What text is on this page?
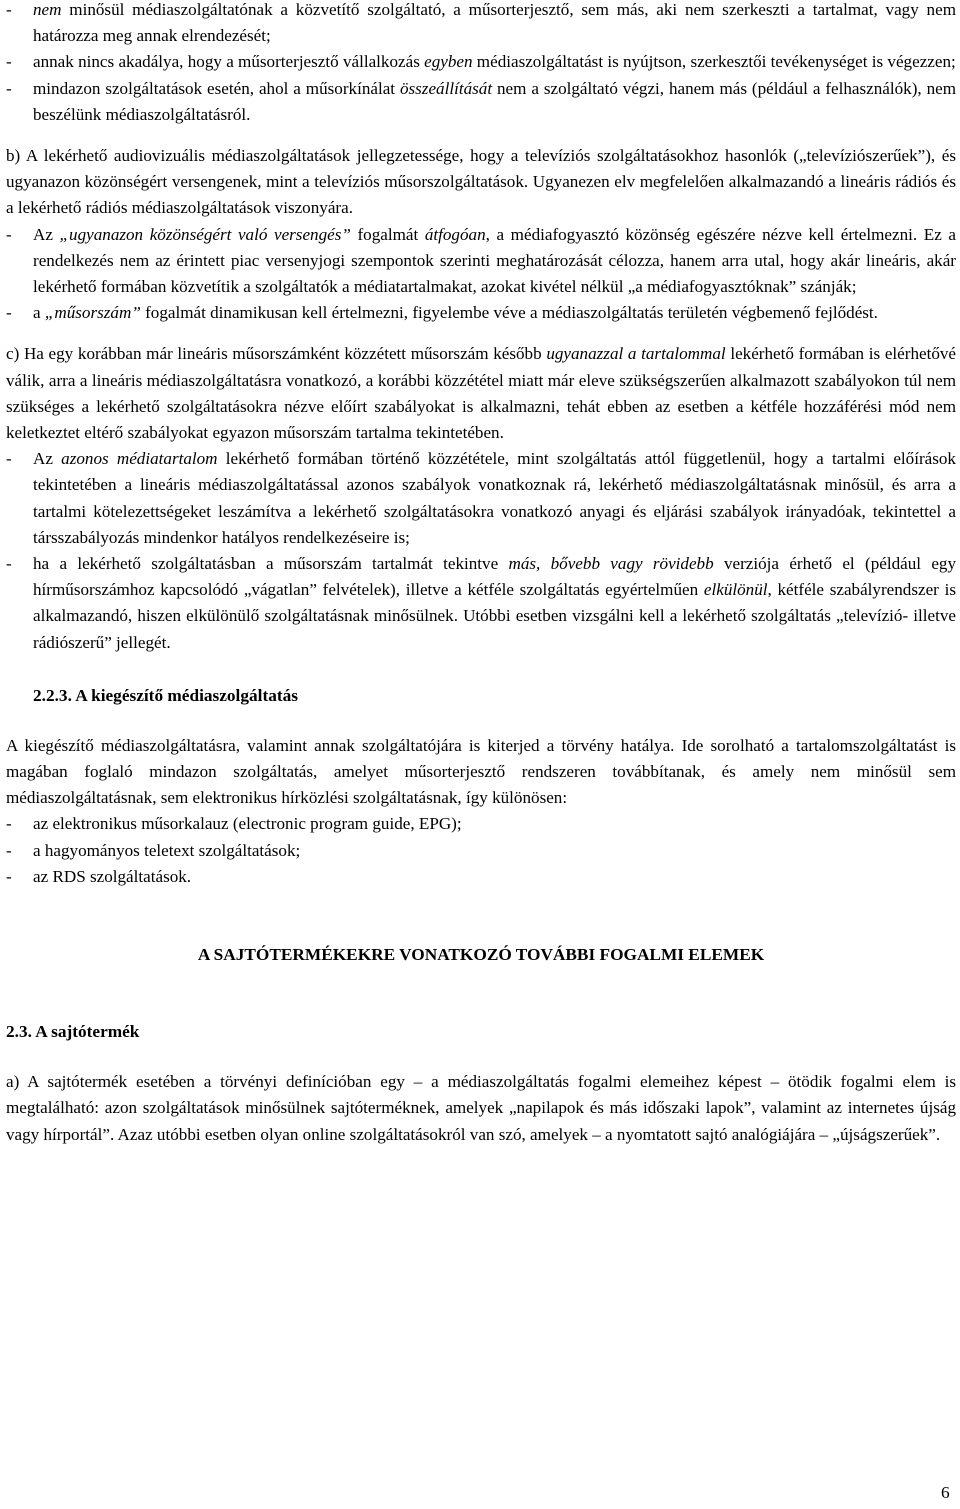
- nem minősül médiaszolgáltatónak a közvetítő szolgáltató, a műsorterjesztő, sem más, aki nem szerkeszti a tartalmat, vagy nem határozza meg annak elrendezését;
- annak nincs akadálya, hogy a műsorterjesztő vállalkozás egyben médiaszolgáltatást is nyújtson, szerkesztői tevékenységet is végezzen;
- mindazon szolgáltatások esetén, ahol a műsorkínálat összeállítását nem a szolgáltató végzi, hanem más (például a felhasználók), nem beszélünk médiaszolgáltatásról.

b) A lekérhető audiovizuális médiaszolgáltatások jellegzetessége, hogy a televíziós szolgáltatásokhoz hasonlók („televíziószerűek”), és ugyanazon közönségért versengenek, mint a televíziós műsorszolgáltatások. Ugyanezen elv megfelelően alkalmazandó a lineáris rádiós és a lekérhető rádiós médiaszolgáltatások viszonyára.

- Az „ugyanazon közönségért való versengés” fogalmát átfogóan, a médiafogyasztó közönség egészére nézve kell értelmezni. Ez a rendelkezés nem az érintett piac versenyjogi szempontok szerinti meghatározását célozza, hanem arra utal, hogy akár lineáris, akár lekérhető formában közvetítik a szolgáltatók a médiatartalmakat, azokat kivétel nélkül „a médiafogyasztóknak” szánják;
- a „műsorszám” fogalmát dinamikusan kell értelmezni, figyelembe véve a médiaszolgáltatás területén végbemenő fejlődést.

c) Ha egy korábban már lineáris műsorszámként közzétett műsorszám később ugyanazzal a tartalommal lekérhető formában is elérhetővé válik, arra a lineáris médiaszolgáltatásra vonatkozó, a korábbi közzététel miatt már eleve szükségszerűen alkalmazott szabályokon túl nem szükséges a lekérhető szolgáltatásokra nézve előírt szabályokat is alkalmazni, tehát ebben az esetben a kétféle hozzáférési mód nem keletkeztet eltérő szabályokat egyazon műsorszám tartalma tekintetében.

- Az azonos médiatartalom lekérhető formában történő közzététele, mint szolgáltatás attól függetlenül, hogy a tartalmi előírások tekintetében a lineáris médiaszolgáltatással azonos szabályok vonatkoznak rá, lekérhető médiaszolgáltatásnak minősül, és arra a tartalmi kötelezettségeket leszámítva a lekérhető szolgáltatásokra vonatkozó anyagi és eljárási szabályok irányadóak, tekintettel a társszabályozás mindenkor hatályos rendelkezéseire is;
- ha a lekérhető szolgáltatásban a műsorszám tartalmát tekintve más, bővebb vagy rövidebb verziója érhető el (például egy hírműsorszámhoz kapcsolódó „vágatlan” felvételek), illetve a kétféle szolgáltatás egyértelműen elkülönül, kétféle szabályrendszer is alkalmazandó, hiszen elkülönülő szolgáltatásnak minősülnek. Utóbbi esetben vizsgálni kell a lekérhető szolgáltatás „televízió- illetve rádiószerű” jellegét.
2.2.3. A kiegészítő médiaszolgáltatás

A kiegészítő médiaszolgáltatásra, valamint annak szolgáltatójára is kiterjed a törvény hatálya. Ide sorolható a tartalomszolgáltatást is magában foglaló mindazon szolgáltatás, amelyet műsorterjesztő rendszeren továbbítanak, és amely nem minősül sem médiaszolgáltatásnak, sem elektronikus hírközlési szolgáltatásnak, így különösen:

- az elektronikus műsorkalauz (electronic program guide, EPG);
- a hagyományos teletext szolgáltatások;
- az RDS szolgáltatások.
A SAJTÓTERMÉKEKRE VONATKOZÓ TOVÁBBI FOGALMI ELEMEK
2.3. A sajtótermék

a) A sajtótermék esetében a törvényi definícióban egy – a médiaszolgáltatás fogalmi elemeihez képest – ötödik fogalmi elem is megtalálható: azon szolgáltatások minősülnek sajtóterméknek, amelyek „napilapok és más időszaki lapok”, valamint az internetes újság vagy hírportál”. Azaz utóbbi esetben olyan online szolgáltatásokról van szó, amelyek – a nyomtatott sajtó analógiájára – „újságszerűek”.

6
